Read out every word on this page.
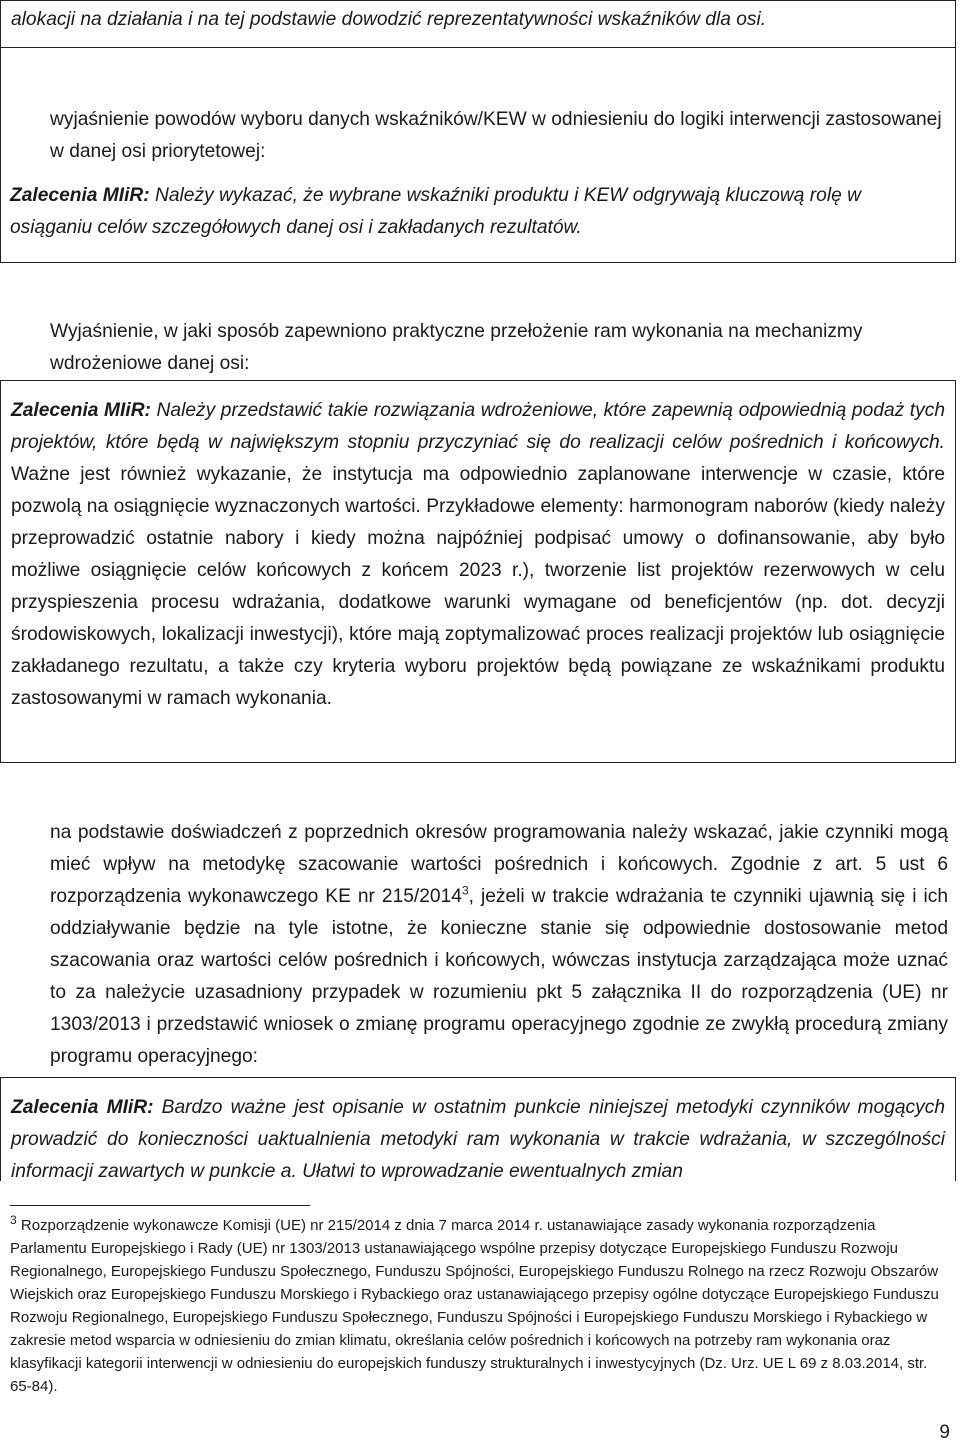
alokacji na działania i na tej podstawie dowodzić reprezentatywności wskaźników dla osi.

wyjaśnienie powodów wyboru danych wskaźników/KEW w odniesieniu do logiki interwencji zastosowanej w danej osi priorytetowej:

Zalecenia MIiR: Należy wykazać, że wybrane wskaźniki produktu i KEW odgrywają kluczową rolę w osiąganiu celów szczegółowych danej osi i zakładanych rezultatów.

Wyjaśnienie, w jaki sposób zapewniono praktyczne przełożenie ram wykonania na mechanizmy wdrożeniowe danej osi:

Zalecenia MIiR: Należy przedstawić takie rozwiązania wdrożeniowe, które zapewnią odpowiednią podaż tych projektów, które będą w największym stopniu przyczyniać się do realizacji celów pośrednich i końcowych. Ważne jest również wykazanie, że instytucja ma odpowiednio zaplanowane interwencje w czasie, które pozwolą na osiągnięcie wyznaczonych wartości. Przykładowe elementy: harmonogram naborów (kiedy należy przeprowadzić ostatnie nabory i kiedy można najpóźniej podpisać umowy o dofinansowanie, aby było możliwe osiągnięcie celów końcowych z końcem 2023 r.), tworzenie list projektów rezerwowych w celu przyspieszenia procesu wdrażania, dodatkowe warunki wymagane od beneficjentów (np. dot. decyzji środowiskowych, lokalizacji inwestycji), które mają zoptymalizować proces realizacji projektów lub osiągnięcie zakładanego rezultatu, a także czy kryteria wyboru projektów będą powiązane ze wskaźnikami produktu zastosowanymi w ramach wykonania.

na podstawie doświadczeń z poprzednich okresów programowania należy wskazać, jakie czynniki mogą mieć wpływ na metodykę szacowanie wartości pośrednich i końcowych. Zgodnie z art. 5 ust 6 rozporządzenia wykonawczego KE nr 215/2014$^3$, jeżeli w trakcie wdrażania te czynniki ujawnią się i ich oddziaływanie będzie na tyle istotne, że konieczne stanie się odpowiednie dostosowanie metod szacowania oraz wartości celów pośrednich i końcowych, wówczas instytucja zarządzająca może uznać to za należycie uzasadniony przypadek w rozumieniu pkt 5 załącznika II do rozporządzenia (UE) nr 1303/2013 i przedstawić wniosek o zmianę programu operacyjnego zgodnie ze zwykłą procedurą zmiany programu operacyjnego:

Zalecenia MIiR: Bardzo ważne jest opisanie w ostatnim punkcie niniejszej metodyki czynników mogących prowadzić do konieczności uaktualnienia metodyki ram wykonania w trakcie wdrażania, w szczególności informacji zawartych w punkcie a. Ułatwi to wprowadzanie ewentualnych zmian

$^3$ Rozporządzenie wykonawcze Komisji (UE) nr 215/2014 z dnia 7 marca 2014 r. ustanawiające zasady wykonania rozporządzenia Parlamentu Europejskiego i Rady (UE) nr 1303/2013 ustanawiającego wspólne przepisy dotyczące Europejskiego Funduszu Rozwoju Regionalnego, Europejskiego Funduszu Społecznego, Funduszu Spójności, Europejskiego Funduszu Rolnego na rzecz Rozwoju Obszarów Wiejskich oraz Europejskiego Funduszu Morskiego i Rybackiego oraz ustanawiającego przepisy ogólne dotyczące Europejskiego Funduszu Rozwoju Regionalnego, Europejskiego Funduszu Społecznego, Funduszu Spójności i Europejskiego Funduszu Morskiego i Rybackiego w zakresie metod wsparcia w odniesieniu do zmian klimatu, określania celów pośrednich i końcowych na potrzeby ram wykonania oraz klasyfikacji kategorii interwencji w odniesieniu do europejskich funduszy strukturalnych i inwestycyjnych (Dz. Urz. UE L 69 z 8.03.2014, str. 65-84).

9
